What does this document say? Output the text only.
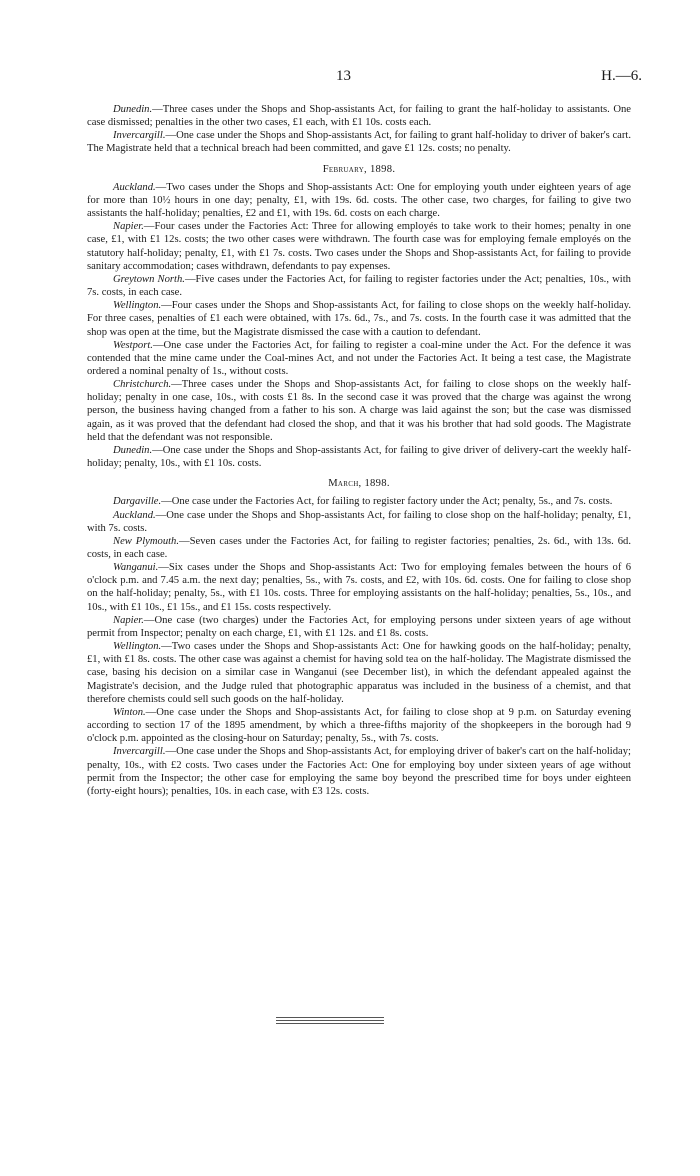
13	H.—6.

Dunedin.—Three cases under the Shops and Shop-assistants Act, for failing to grant the half-holiday to assistants. One case dismissed; penalties in the other two cases, £1 each, with £1 10s. costs each.

Invercargill.—One case under the Shops and Shop-assistants Act, for failing to grant half-holiday to driver of baker's cart. The Magistrate held that a technical breach had been committed, and gave £1 12s. costs; no penalty.

February, 1898.

Auckland.—Two cases under the Shops and Shop-assistants Act: One for employing youth under eighteen years of age for more than 10½ hours in one day; penalty, £1, with 19s. 6d. costs. The other case, two charges, for failing to give two assistants the half-holiday; penalties, £2 and £1, with 19s. 6d. costs on each charge.

Napier.—Four cases under the Factories Act: Three for allowing employés to take work to their homes; penalty in one case, £1, with £1 12s. costs; the two other cases were withdrawn. The fourth case was for employing female employés on the statutory half-holiday; penalty, £1, with £1 7s. costs. Two cases under the Shops and Shop-assistants Act, for failing to provide sanitary accommodation; cases withdrawn, defendants to pay expenses.

Greytown North.—Five cases under the Factories Act, for failing to register factories under the Act; penalties, 10s., with 7s. costs, in each case.

Wellington.—Four cases under the Shops and Shop-assistants Act, for failing to close shops on the weekly half-holiday. For three cases, penalties of £1 each were obtained, with 17s. 6d., 7s., and 7s. costs. In the fourth case it was admitted that the shop was open at the time, but the Magistrate dismissed the case with a caution to defendant.

Westport.—One case under the Factories Act, for failing to register a coal-mine under the Act. For the defence it was contended that the mine came under the Coal-mines Act, and not under the Factories Act. It being a test case, the Magistrate ordered a nominal penalty of 1s., without costs.

Christchurch.—Three cases under the Shops and Shop-assistants Act, for failing to close shops on the weekly half-holiday; penalty in one case, 10s., with costs £1 8s. In the second case it was proved that the charge was against the wrong person, the business having changed from a father to his son. A charge was laid against the son; but the case was dismissed again, as it was proved that the defendant had closed the shop, and that it was his brother that had sold goods. The Magistrate held that the defendant was not responsible.

Dunedin.—One case under the Shops and Shop-assistants Act, for failing to give driver of delivery-cart the weekly half-holiday; penalty, 10s., with £1 10s. costs.

March, 1898.

Dargaville.—One case under the Factories Act, for failing to register factory under the Act; penalty, 5s., and 7s. costs.

Auckland.—One case under the Shops and Shop-assistants Act, for failing to close shop on the half-holiday; penalty, £1, with 7s. costs.

New Plymouth.—Seven cases under the Factories Act, for failing to register factories; penalties, 2s. 6d., with 13s. 6d. costs, in each case.

Wanganui.—Six cases under the Shops and Shop-assistants Act: Two for employing females between the hours of 6 o'clock p.m. and 7.45 a.m. the next day; penalties, 5s., with 7s. costs, and £2, with 10s. 6d. costs. One for failing to close shop on the half-holiday; penalty, 5s., with £1 10s. costs. Three for employing assistants on the half-holiday; penalties, 5s., 10s., and 10s., with £1 10s., £1 15s., and £1 15s. costs respectively.

Napier.—One case (two charges) under the Factories Act, for employing persons under sixteen years of age without permit from Inspector; penalty on each charge, £1, with £1 12s. and £1 8s. costs.

Wellington.—Two cases under the Shops and Shop-assistants Act: One for hawking goods on the half-holiday; penalty, £1, with £1 8s. costs. The other case was against a chemist for having sold tea on the half-holiday. The Magistrate dismissed the case, basing his decision on a similar case in Wanganui (see December list), in which the defendant appealed against the Magistrate's decision, and the Judge ruled that photographic apparatus was included in the business of a chemist, and that therefore chemists could sell such goods on the half-holiday.

Winton.—One case under the Shops and Shop-assistants Act, for failing to close shop at 9 p.m. on Saturday evening according to section 17 of the 1895 amendment, by which a three-fifths majority of the shopkeepers in the borough had 9 o'clock p.m. appointed as the closing-hour on Saturday; penalty, 5s., with 7s. costs.

Invercargill.—One case under the Shops and Shop-assistants Act, for employing driver of baker's cart on the half-holiday; penalty, 10s., with £2 costs. Two cases under the Factories Act: One for employing boy under sixteen years of age without permit from the Inspector; the other case for employing the same boy beyond the prescribed time for boys under eighteen (forty-eight hours); penalties, 10s. in each case, with £3 12s. costs.
